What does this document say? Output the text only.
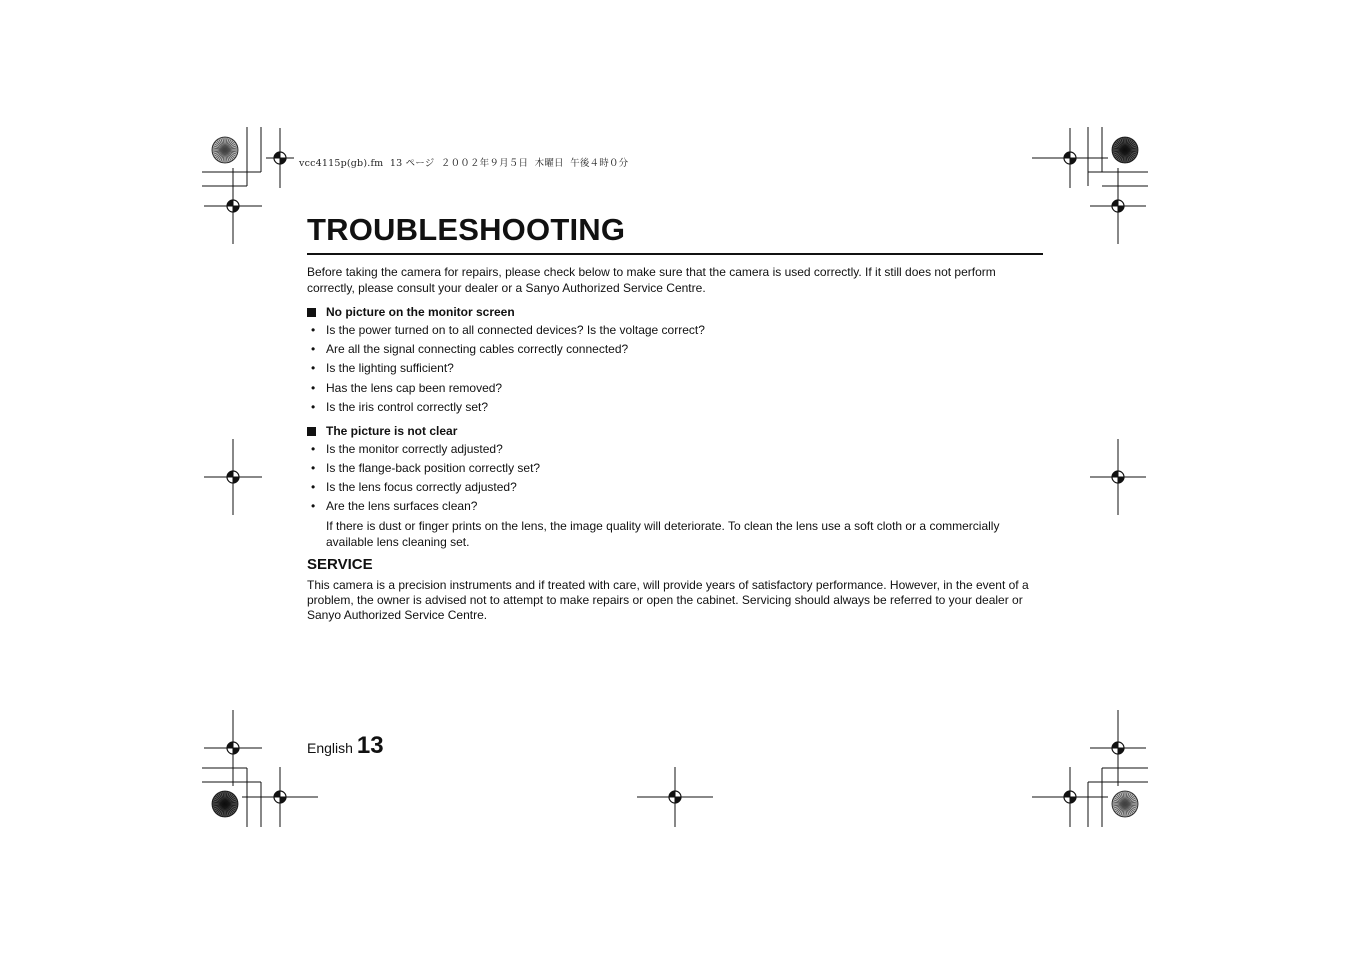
vcc4115p(gb).fm  13 ページ  ２００２年９月５日  木曜日  午後４時０分
TROUBLESHOOTING

Before taking the camera for repairs, please check below to make sure that the camera is used correctly. If it still does not perform correctly, please consult your dealer or a Sanyo Authorized Service Centre.

No picture on the monitor screen
• Is the power turned on to all connected devices? Is the voltage correct?
• Are all the signal connecting cables correctly connected?
• Is the lighting sufficient?
• Has the lens cap been removed?
• Is the iris control correctly set?
The picture is not clear
• Is the monitor correctly adjusted?
• Is the flange-back position correctly set?
• Is the lens focus correctly adjusted?
• Are the lens surfaces clean?

If there is dust or finger prints on the lens, the image quality will deteriorate. To clean the lens use a soft cloth or a commercially available lens cleaning set.

SERVICE

This camera is a precision instruments and if treated with care, will provide years of satisfactory performance. However, in the event of a problem, the owner is advised not to attempt to make repairs or open the cabinet. Servicing should always be referred to your dealer or Sanyo Authorized Service Centre.

English 13
